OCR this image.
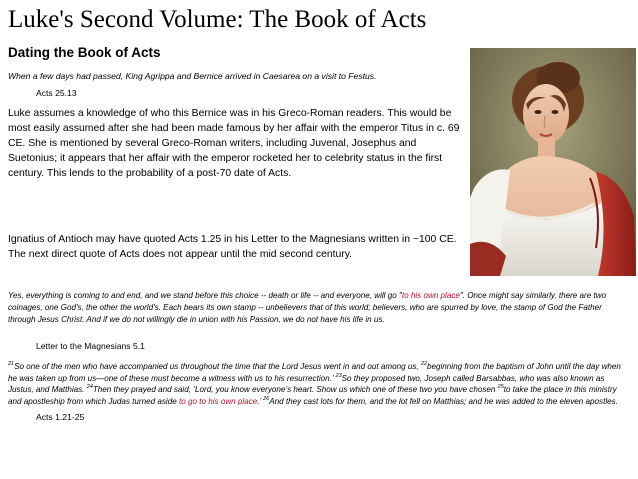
Luke's Second Volume: The Book of Acts
Dating the Book of Acts
When a few days had passed, King Agrippa and Bernice arrived in Caesarea on a visit to Festus.
Acts 25.13
Luke assumes a knowledge of who this Bernice was in his Greco-Roman readers. This would be most easily assumed after she had been made famous by her affair with the emperor Titus in c. 69 CE. She is mentioned by several Greco-Roman writers, including Juvenal, Josephus and Suetonius; it appears that her affair with the emperor rocketed her to celebrity status in the first century. This lends to the probability of a post-70 date of Acts.
Ignatius of Antioch may have quoted Acts 1.25 in his Letter to the Magnesians written in ~100 CE. The next direct quote of Acts does not appear until the mid second century.
Yes, everything is coming to and end, and we stand before this choice -- death or life -- and everyone, will go "to his own place". Once might say similarly, there are two coinages, one God's, the other the world's. Each bears its own stamp -- unbelievers that of this world; believers, who are spurred by love, the stamp of God the Father through Jesus Christ. And if we do not willingly die in union with his Passion, we do not have his life in us.
Letter to the Magnesians 5.1
$^{21}$So one of the men who have accompanied us throughout the time that the Lord Jesus went in and out among us, $^{22}$beginning from the baptism of John until the day when he was taken up from us—one of these must become a witness with us to his resurrection.’ $^{23}$So they proposed two, Joseph called Barsabbas, who was also known as Justus, and Matthias. $^{24}$Then they prayed and said, ‘Lord, you know everyone’s heart. Show us which one of these two you have chosen $^{25}$to take the place in this ministry and apostleship from which Judas turned aside to go to his own place.’ $^{26}$And they cast lots for them, and the lot fell on Matthias; and he was added to the eleven apostles.
Acts 1.21-25
